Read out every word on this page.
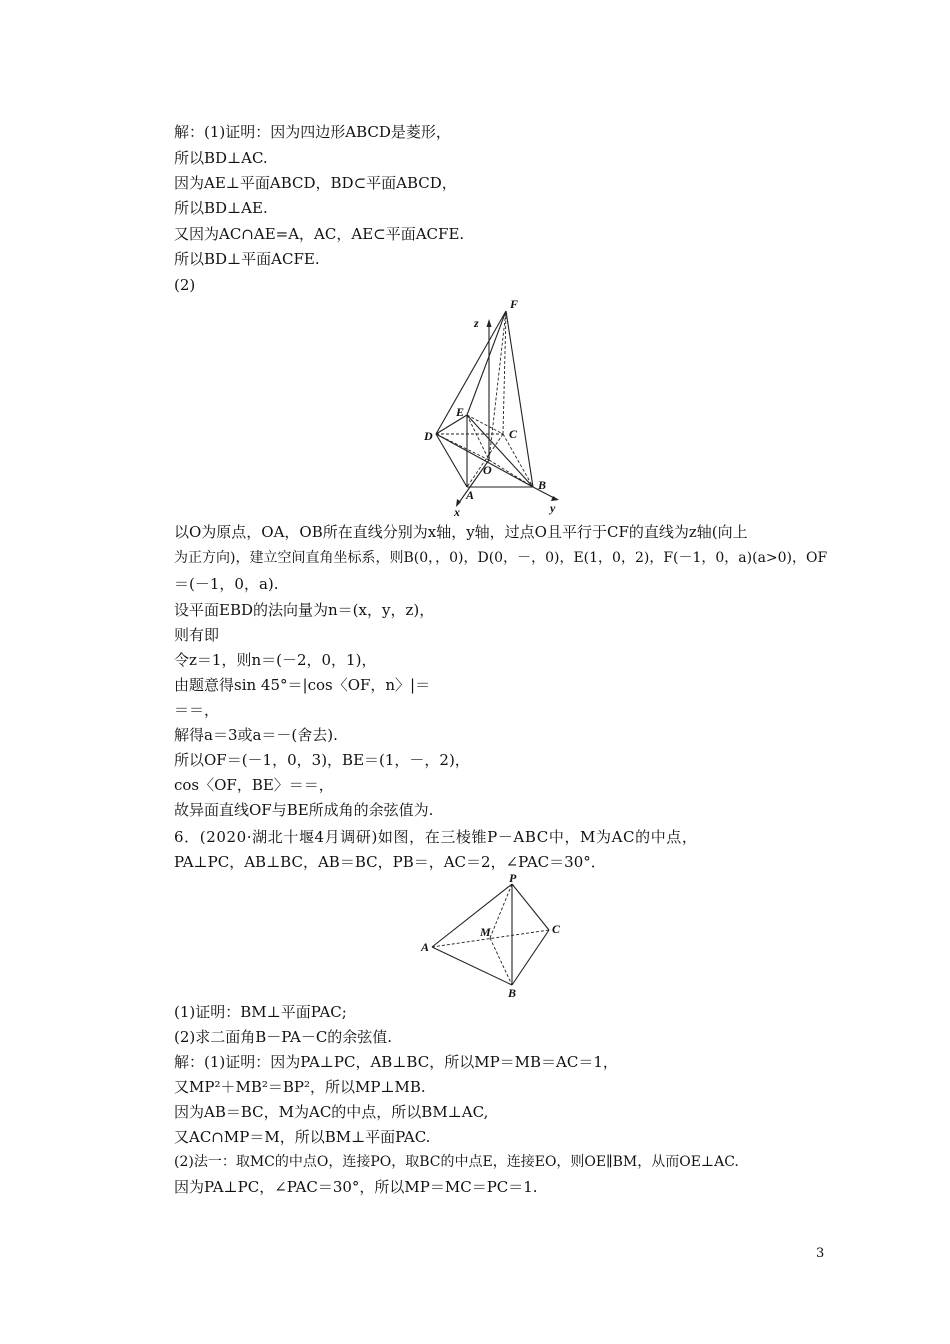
解：(1)证明：因为四边形ABCD是菱形，
所以BD⊥AC.
因为AE⊥平面ABCD，BD⊂平面ABCD，
所以BD⊥AE.
又因为AC∩AE=A，AC，AE⊂平面ACFE.
所以BD⊥平面ACFE.
(2)
F
z
E
D	C
O
A
B
x	y
以O为原点，OA，OB所在直线分别为x轴，y轴，过点O且平行于CF的直线为z轴(向上
为正方向)，建立空间直角坐标系，则B(0，，0)，D(0，－，0)，E(1，0，2)，F(－1，0，a)(a>0)，OF
＝(－1，0，a).
设平面EBD的法向量为n＝(x，y，z)，
则有即
令z＝1，则n＝(－2，0，1)，
由题意得sin 45°＝|cos〈OF，n〉|＝
＝＝，
解得a＝3或a＝－(舍去).
所以OF＝(－1，0，3)，BE＝(1，－，2)，
cos〈OF，BE〉＝＝，
故异面直线OF与BE所成角的余弦值为.
6．(2020·湖北十堰4月调研)如图，在三棱锥P－ABC中，M为AC的中点，
PA⊥PC，AB⊥BC，AB＝BC，PB＝，AC＝2，∠PAC＝30°．
P
M	C
A
B
(1)证明：BM⊥平面PAC;
(2)求二面角B－PA－C的余弦值.
解：(1)证明：因为PA⊥PC，AB⊥BC，所以MP＝MB＝AC＝1，
又MP²＋MB²＝BP²，所以MP⊥MB.
因为AB＝BC，M为AC的中点，所以BM⊥AC,
又AC∩MP＝M，所以BM⊥平面PAC.
(2)法一：取MC的中点O，连接PO，取BC的中点E，连接EO，则OE∥BM，从而OE⊥AC.
因为PA⊥PC，∠PAC＝30°，所以MP＝MC＝PC＝1.
3
